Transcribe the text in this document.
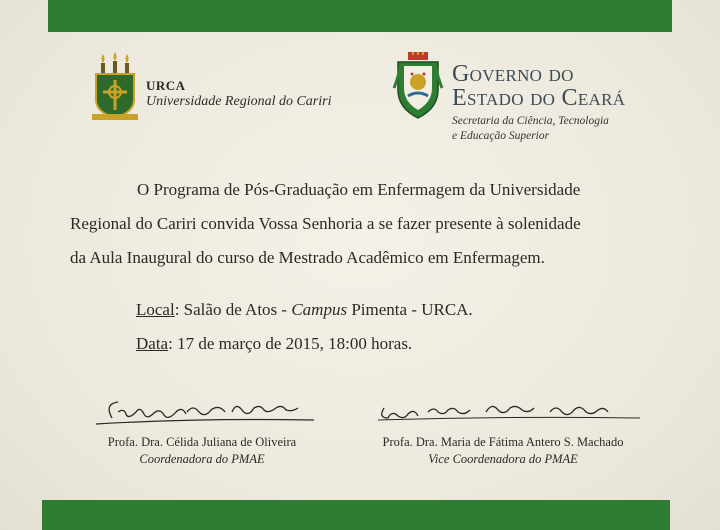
URCA
Universidade Regional do Cariri
Governo do
Estado do Ceará
Secretaria da Ciência, Tecnologia
e Educação Superior
O Programa de Pós-Graduação em Enfermagem da Universidade
Regional do Cariri convida Vossa Senhoria a se fazer presente à solenidade
da Aula Inaugural do curso de Mestrado Acadêmico em Enfermagem.
Local: Salão de Atos - Campus Pimenta - URCA.
Data: 17 de março de 2015, 18:00 horas.
Profa. Dra. Célida Juliana de Oliveira
Coordenadora do PMAE
Profa. Dra. Maria de Fátima Antero S. Machado
Vice Coordenadora do PMAE
